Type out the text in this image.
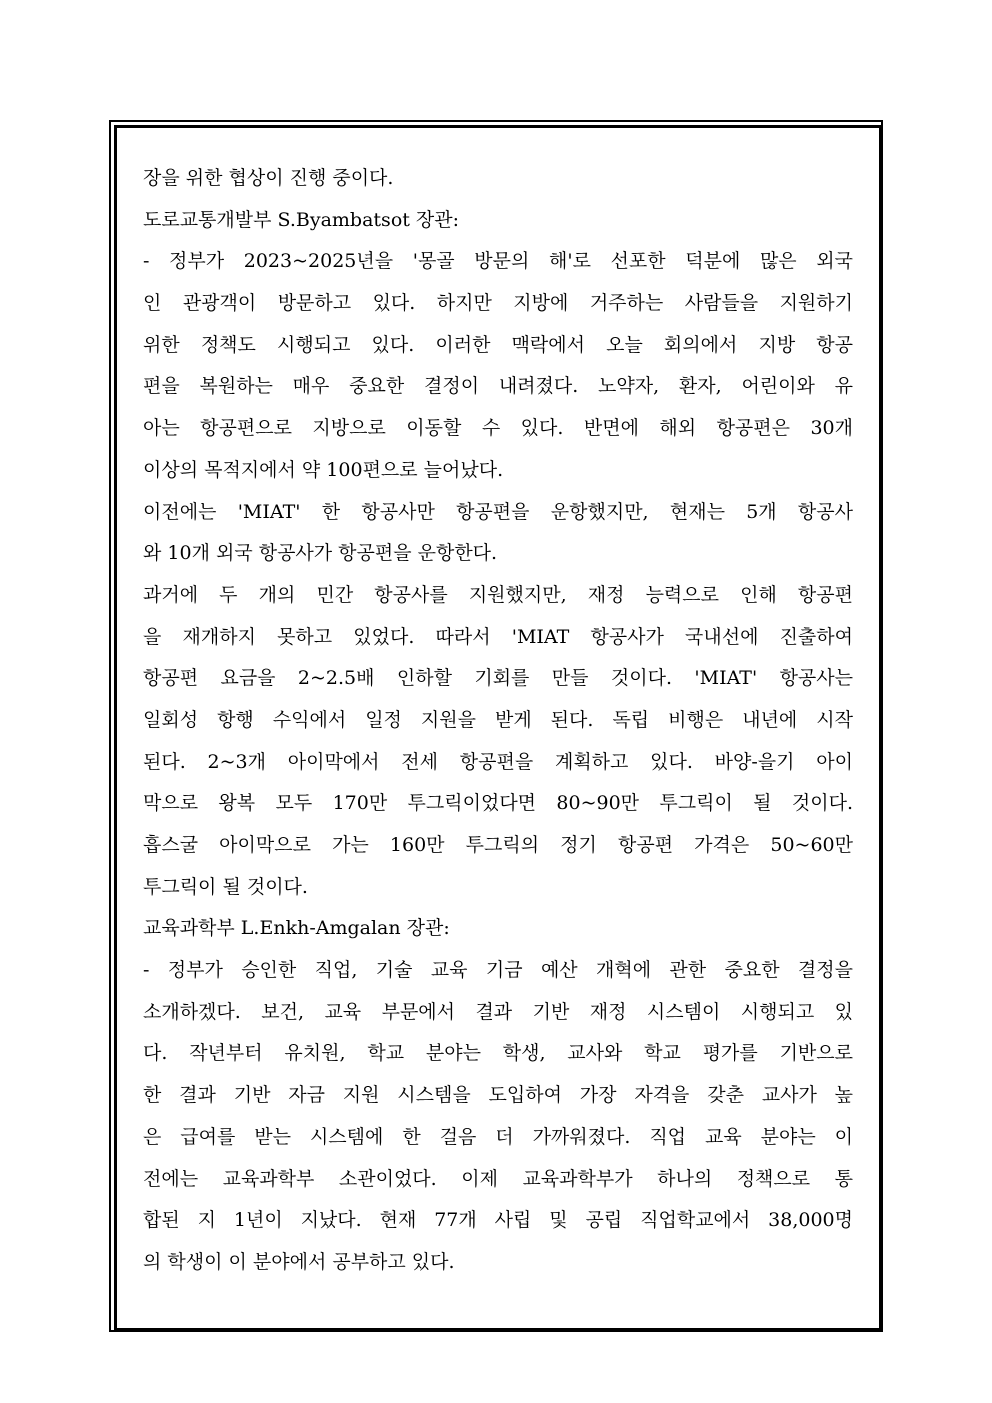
장을 위한 협상이 진행 중이다.
도로교통개발부 S.Byambatsot 장관:
- 정부가 2023~2025년을 '몽골 방문의 해'로 선포한 덕분에 많은 외국
인 관광객이 방문하고 있다. 하지만 지방에 거주하는 사람들을 지원하기
위한 정책도 시행되고 있다. 이러한 맥락에서 오늘 회의에서 지방 항공
편을 복원하는 매우 중요한 결정이 내려졌다. 노약자, 환자, 어린이와 유
아는 항공편으로 지방으로 이동할 수 있다. 반면에 해외 항공편은 30개
이상의 목적지에서 약 100편으로 늘어났다.
이전에는 'MIAT' 한 항공사만 항공편을 운항했지만, 현재는 5개 항공사
와 10개 외국 항공사가 항공편을 운항한다.
과거에 두 개의 민간 항공사를 지원했지만, 재정 능력으로 인해 항공편
을 재개하지 못하고 있었다. 따라서 'MIAT 항공사가 국내선에 진출하여
항공편 요금을 2~2.5배 인하할 기회를 만들 것이다. 'MIAT' 항공사는
일회성 항행 수익에서 일정 지원을 받게 된다. 독립 비행은 내년에 시작
된다. 2~3개 아이막에서 전세 항공편을 계획하고 있다. 바양-을기 아이
막으로 왕복 모두 170만 투그릭이었다면 80~90만 투그릭이 될 것이다.
흡스굴 아이막으로 가는 160만 투그릭의 정기 항공편 가격은 50~60만
투그릭이 될 것이다.
교육과학부 L.Enkh-Amgalan 장관:
- 정부가 승인한 직업, 기술 교육 기금 예산 개혁에 관한 중요한 결정을
소개하겠다. 보건, 교육 부문에서 결과 기반 재정 시스템이 시행되고 있
다. 작년부터 유치원, 학교 분야는 학생, 교사와 학교 평가를 기반으로
한 결과 기반 자금 지원 시스템을 도입하여 가장 자격을 갖춘 교사가 높
은 급여를 받는 시스템에 한 걸음 더 가까워졌다. 직업 교육 분야는 이
전에는 교육과학부 소관이었다. 이제 교육과학부가 하나의 정책으로 통
합된 지 1년이 지났다. 현재 77개 사립 및 공립 직업학교에서 38,000명
의 학생이 이 분야에서 공부하고 있다.
